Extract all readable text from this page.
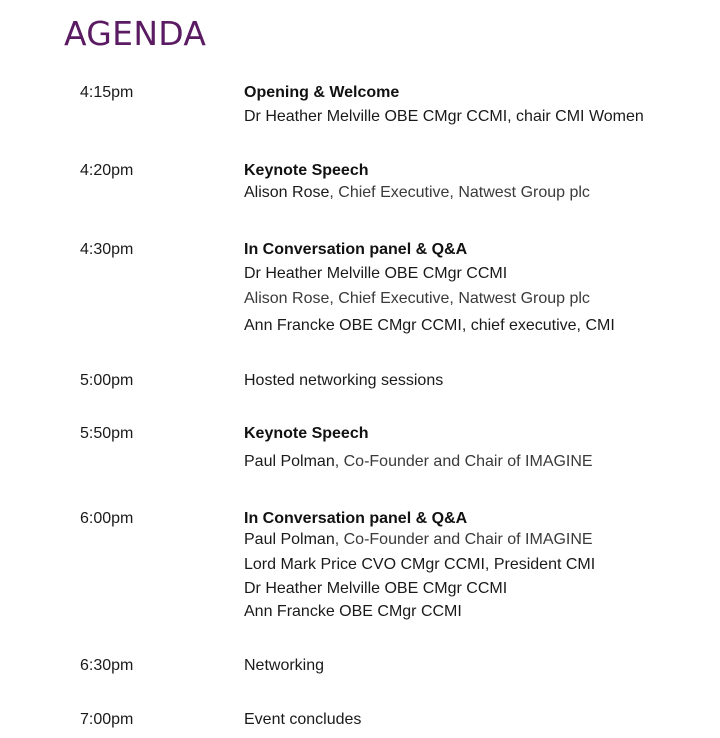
AGENDA
4:15pm	Opening & Welcome
Dr Heather Melville OBE CMgr CCMI, chair CMI Women
4:20pm	Keynote Speech
Alison Rose, Chief Executive, Natwest Group plc
4:30pm	In Conversation panel & Q&A
Dr Heather Melville OBE CMgr CCMI
Alison Rose, Chief Executive, Natwest Group plc
Ann Francke OBE CMgr CCMI, chief executive, CMI
5:00pm	Hosted networking sessions
5:50pm	Keynote Speech
Paul Polman, Co-Founder and Chair of IMAGINE
6:00pm	In Conversation panel & Q&A
Paul Polman, Co-Founder and Chair of IMAGINE
Lord Mark Price CVO CMgr CCMI, President CMI
Dr Heather Melville OBE CMgr CCMI
Ann Francke OBE CMgr CCMI
6:30pm	Networking
7:00pm	Event concludes
